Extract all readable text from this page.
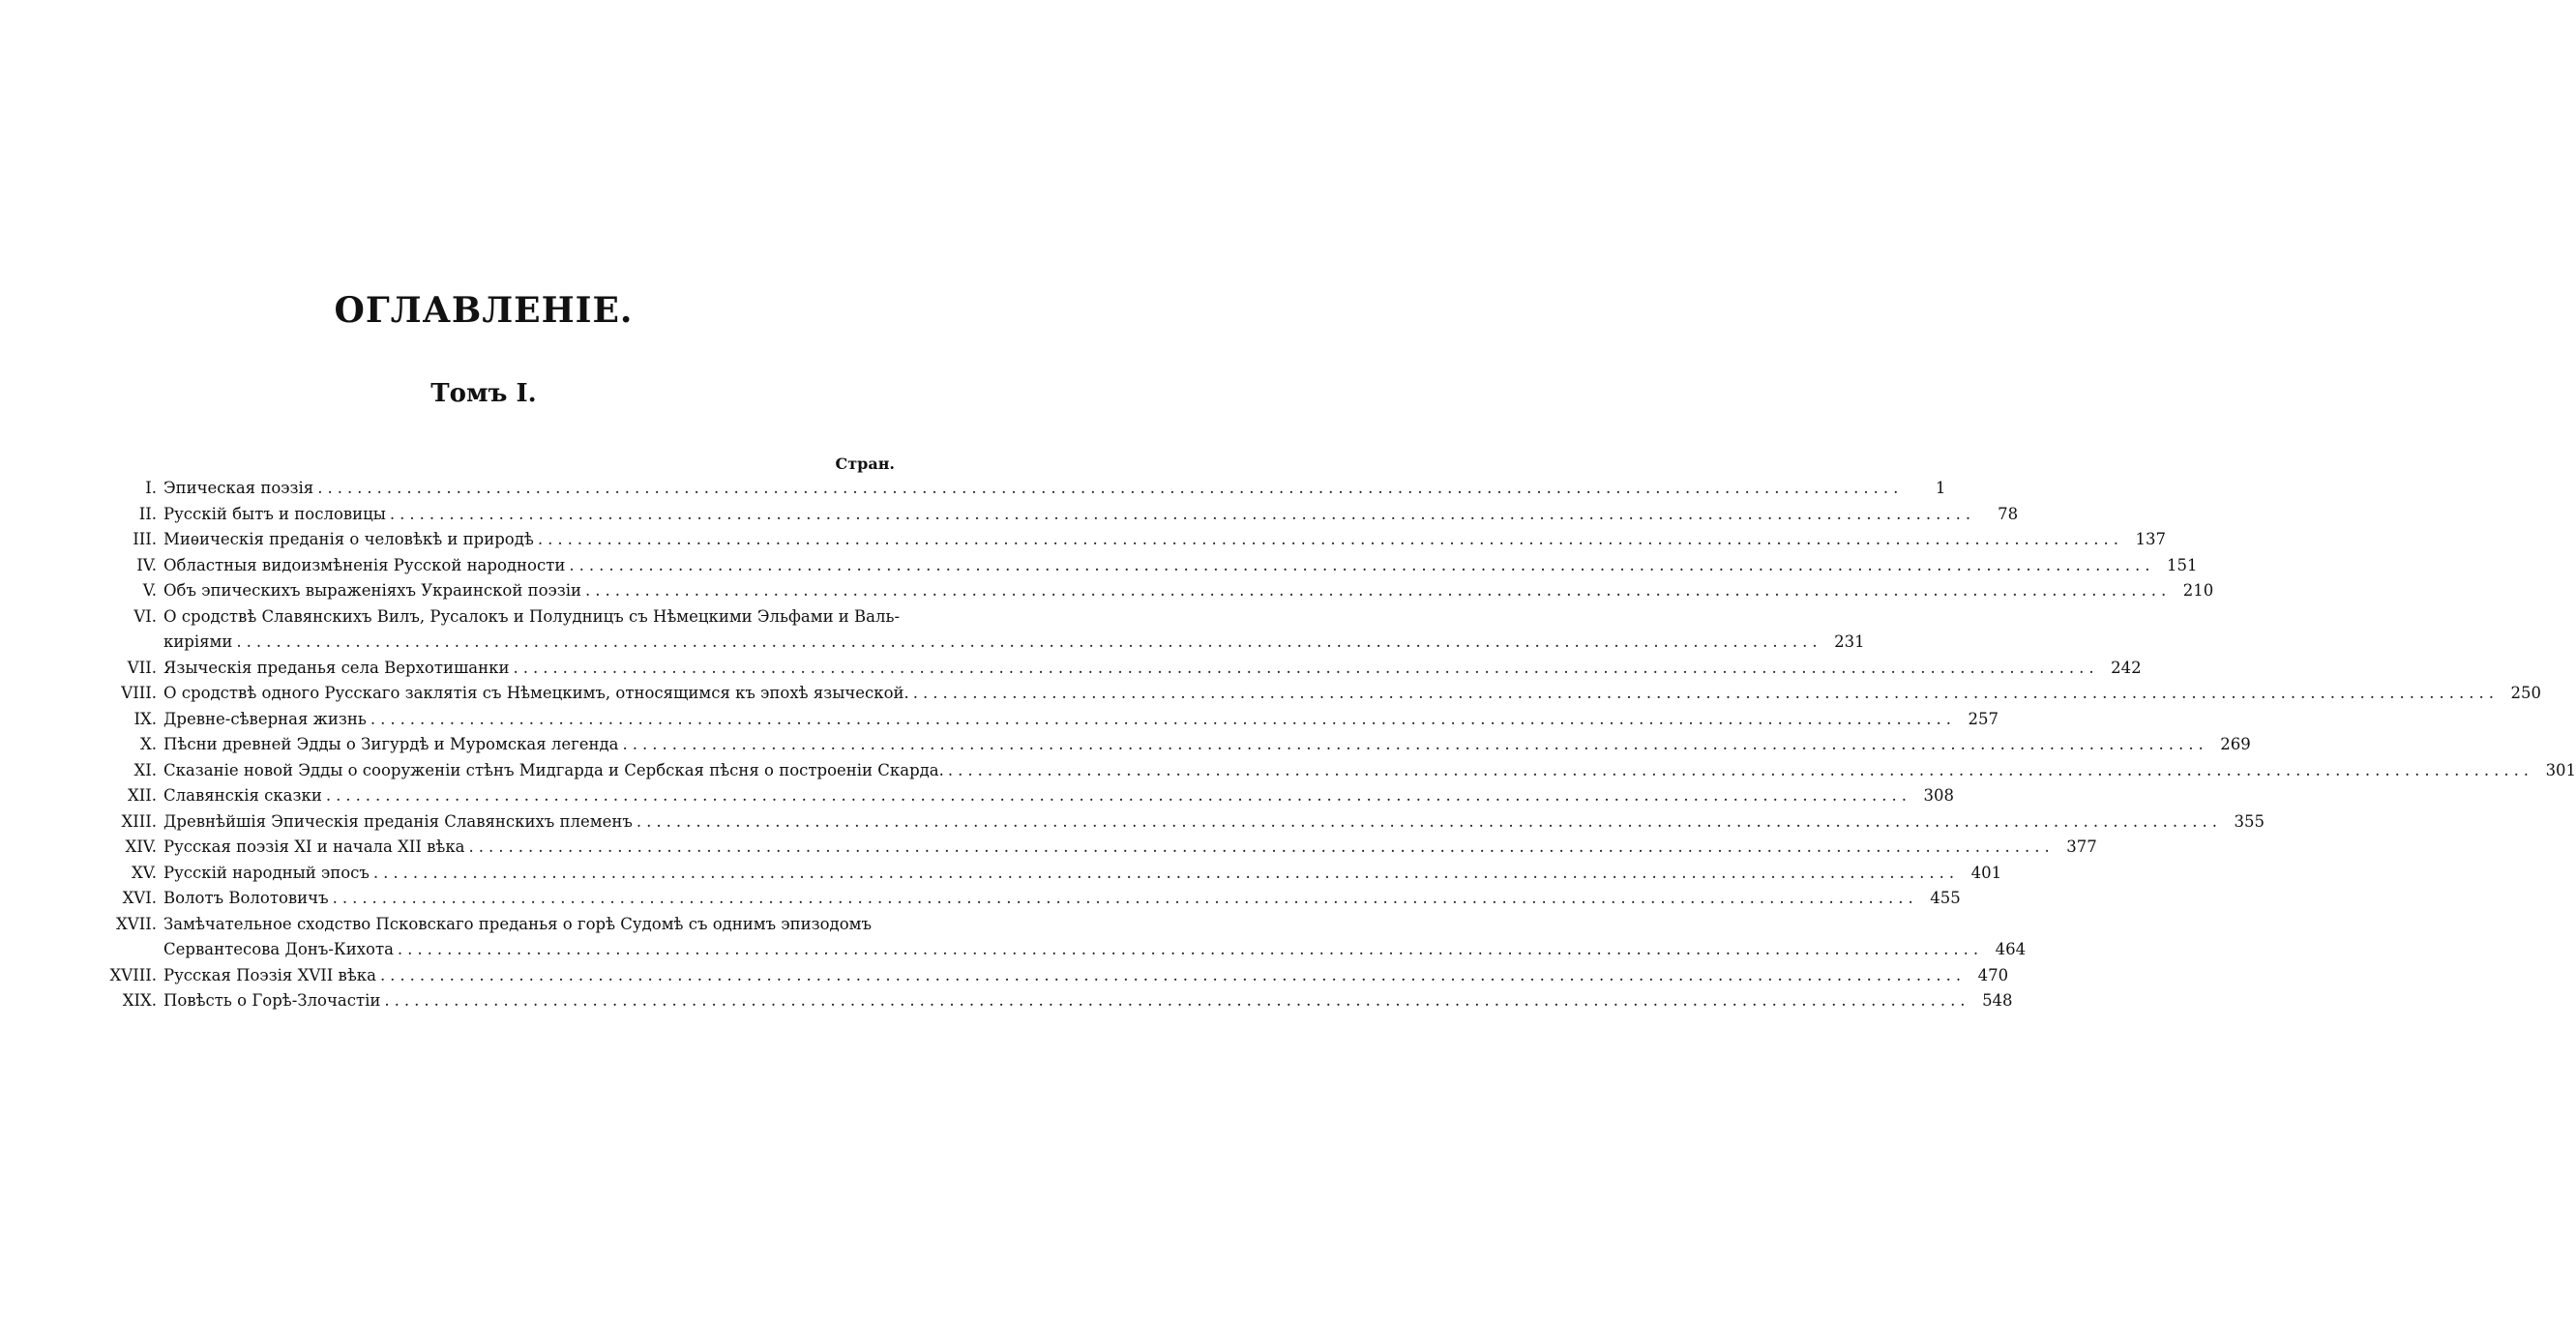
ОГЛАВЛЕНIЕ.
Томъ I.
Стран.
I. Эпическая поэзія ................................................................................................................................................................	1
II. Русскій бытъ и пословицы ................................................................................................................................................................	78
III. Миѳическія преданія о человѣкѣ и природѣ ................................................................................................................................................................ 137
IV. Областныя видоизмѣненія Русской народности ................................................................................................................................................................ 151
V. Объ эпическихъ выраженіяхъ Украинской поэзіи ................................................................................................................................................................ 210
VI. О сродствѣ Славянскихъ Вилъ, Русалокъ и Полудницъ съ Нѣмецкими Эльфами и Валь-
киріями ................................................................................................................................................................ 231
VII. Языческія преданья села Верхотишанки ................................................................................................................................................................ 242
VIII. О сродствѣ одного Русскаго заклятія съ Нѣмецкимъ, относящимся къ эпохѣ языческой. ................................................................................................................................................................ 250
IX. Древне-сѣверная жизнь ................................................................................................................................................................ 257
X. Пѣсни древней Эдды о Зигурдѣ и Муромская легенда ................................................................................................................................................................ 269
XI. Сказаніе новой Эдды о сооруженіи стѣнъ Мидгарда и Сербская пѣсня о построеніи Скарда. ................................................................................................................................................................ 301
XII. Славянскія сказки ................................................................................................................................................................ 308
XIII. Древнѣйшія Эпическія преданія Славянскихъ племенъ ................................................................................................................................................................ 355
XIV. Русская поэзія XI и начала XII вѣка ................................................................................................................................................................ 377
XV. Русскій народный эпосъ ................................................................................................................................................................ 401
XVI. Волотъ Волотовичъ ................................................................................................................................................................ 455
XVII. Замѣчательное сходство Псковскаго преданья о горѣ Судомѣ съ однимъ эпизодомъ
Сервантесова Донъ-Кихота ................................................................................................................................................................ 464
XVIII. Русская Поэзія XVII вѣка ................................................................................................................................................................ 470
XIX. Повѣсть о Горѣ-Злочастіи ................................................................................................................................................................ 548
